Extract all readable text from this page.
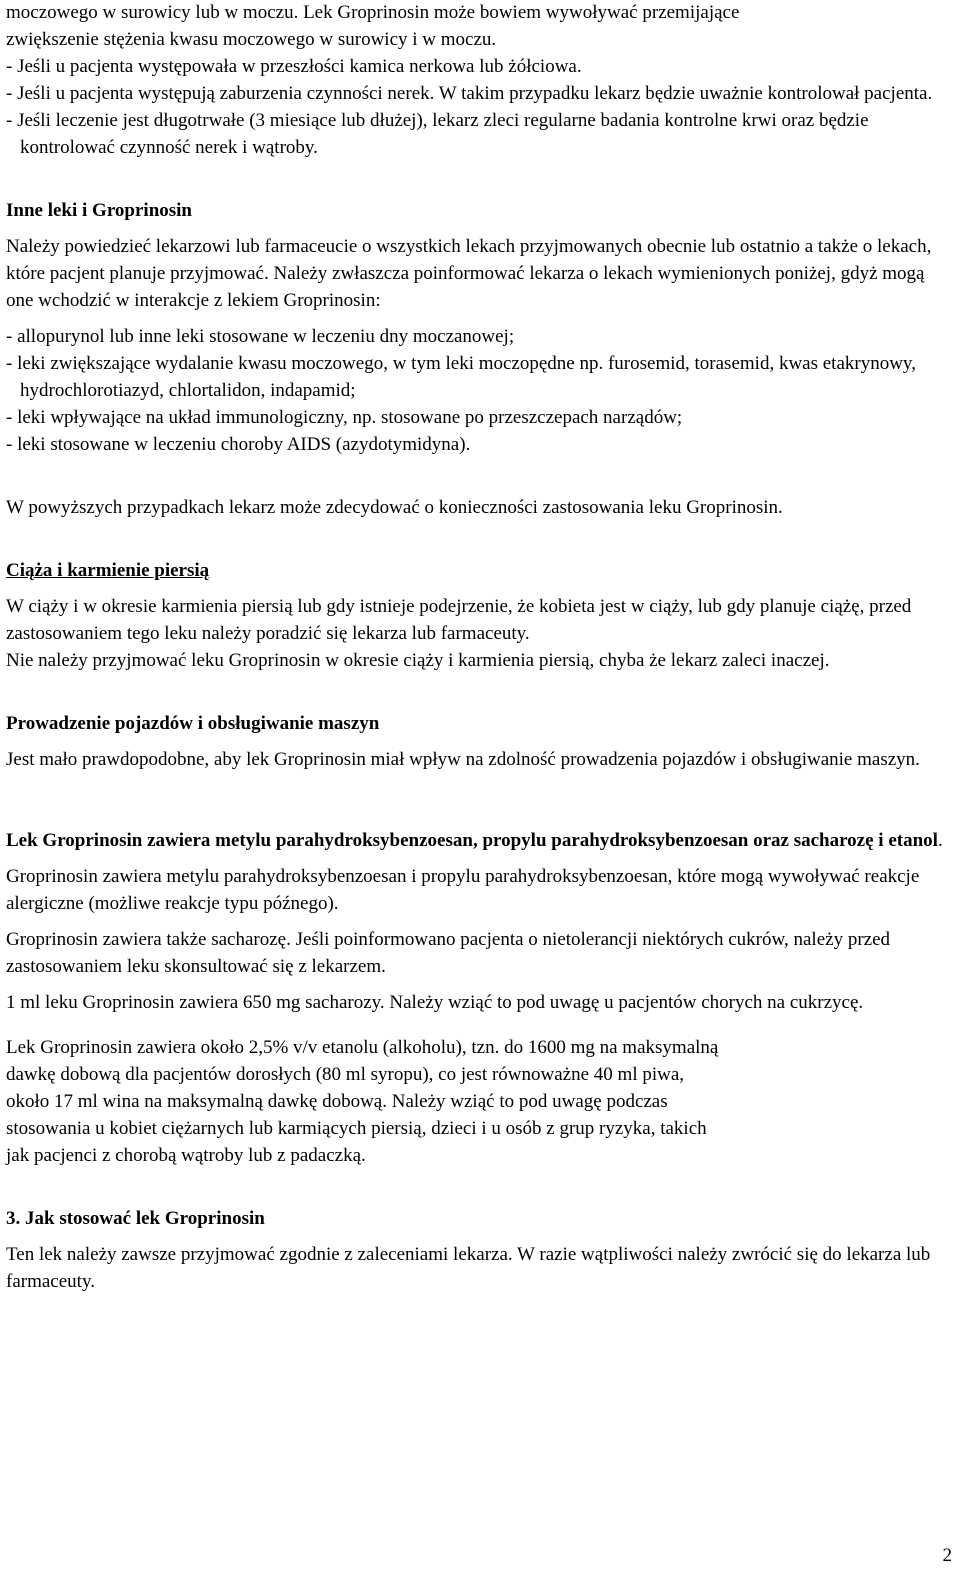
moczowego w surowicy lub w moczu. Lek Groprinosin może bowiem wywoływać przemijające

zwiększenie stężenia kwasu moczowego w surowicy i w moczu.

- Jeśli u pacjenta występowała w przeszłości kamica nerkowa lub żółciowa.

- Jeśli u pacjenta występują zaburzenia czynności nerek. W takim przypadku lekarz będzie uważnie kontrolował pacjenta.

- Jeśli leczenie jest długotrwałe (3 miesiące lub dłużej), lekarz zleci regularne badania kontrolne krwi oraz będzie kontrolować czynność nerek i wątroby.

Inne leki i Groprinosin

Należy powiedzieć lekarzowi lub farmaceucie o wszystkich lekach przyjmowanych obecnie lub ostatnio a także o lekach, które pacjent planuje przyjmować. Należy zwłaszcza poinformować lekarza o lekach wymienionych poniżej, gdyż mogą one wchodzić w interakcje z lekiem Groprinosin:

- allopurynol lub inne leki stosowane w leczeniu dny moczanowej;

- leki zwiększające wydalanie kwasu moczowego, w tym leki moczopędne np. furosemid, torasemid, kwas etakrynowy, hydrochlorotiazyd, chlortalidon, indapamid;

- leki wpływające na układ immunologiczny, np. stosowane po przeszczepach narządów;

- leki stosowane w leczeniu choroby AIDS (azydotymidyna).

W powyższych przypadkach lekarz może zdecydować o konieczności zastosowania leku Groprinosin.

Ciąża i karmienie piersią

W ciąży i w okresie karmienia piersią lub gdy istnieje podejrzenie, że kobieta jest w ciąży, lub gdy planuje ciążę, przed zastosowaniem tego leku należy poradzić się lekarza lub farmaceuty.

Nie należy przyjmować leku Groprinosin w okresie ciąży i karmienia piersią, chyba że lekarz zaleci inaczej.

Prowadzenie pojazdów i obsługiwanie maszyn

Jest mało prawdopodobne, aby lek Groprinosin miał wpływ na zdolność prowadzenia pojazdów i obsługiwanie maszyn.

Lek Groprinosin zawiera metylu parahydroksybenzoesan, propylu parahydroksybenzoesan oraz sacharozę i etanol.

Groprinosin zawiera metylu parahydroksybenzoesan i propylu parahydroksybenzoesan, które mogą wywoływać reakcje alergiczne (możliwe reakcje typu późnego).

Groprinosin zawiera także sacharozę. Jeśli poinformowano pacjenta o nietolerancji niektórych cukrów, należy przed zastosowaniem leku skonsultować się z lekarzem.

1 ml leku Groprinosin zawiera 650 mg sacharozy. Należy wziąć to pod uwagę u pacjentów chorych na cukrzycę.

Lek Groprinosin zawiera około 2,5% v/v etanolu (alkoholu), tzn. do 1600 mg na maksymalną

dawkę dobową dla pacjentów dorosłych (80 ml syropu), co jest równoważne 40 ml piwa,

około 17 ml wina na maksymalną dawkę dobową. Należy wziąć to pod uwagę podczas

stosowania u kobiet ciężarnych lub karmiących piersią, dzieci i u osób z grup ryzyka, takich

jak pacjenci z chorobą wątroby lub z padaczką.

3. Jak stosować lek Groprinosin

Ten lek należy zawsze przyjmować zgodnie z zaleceniami lekarza. W razie wątpliwości należy zwrócić się do lekarza lub farmaceuty.

2
